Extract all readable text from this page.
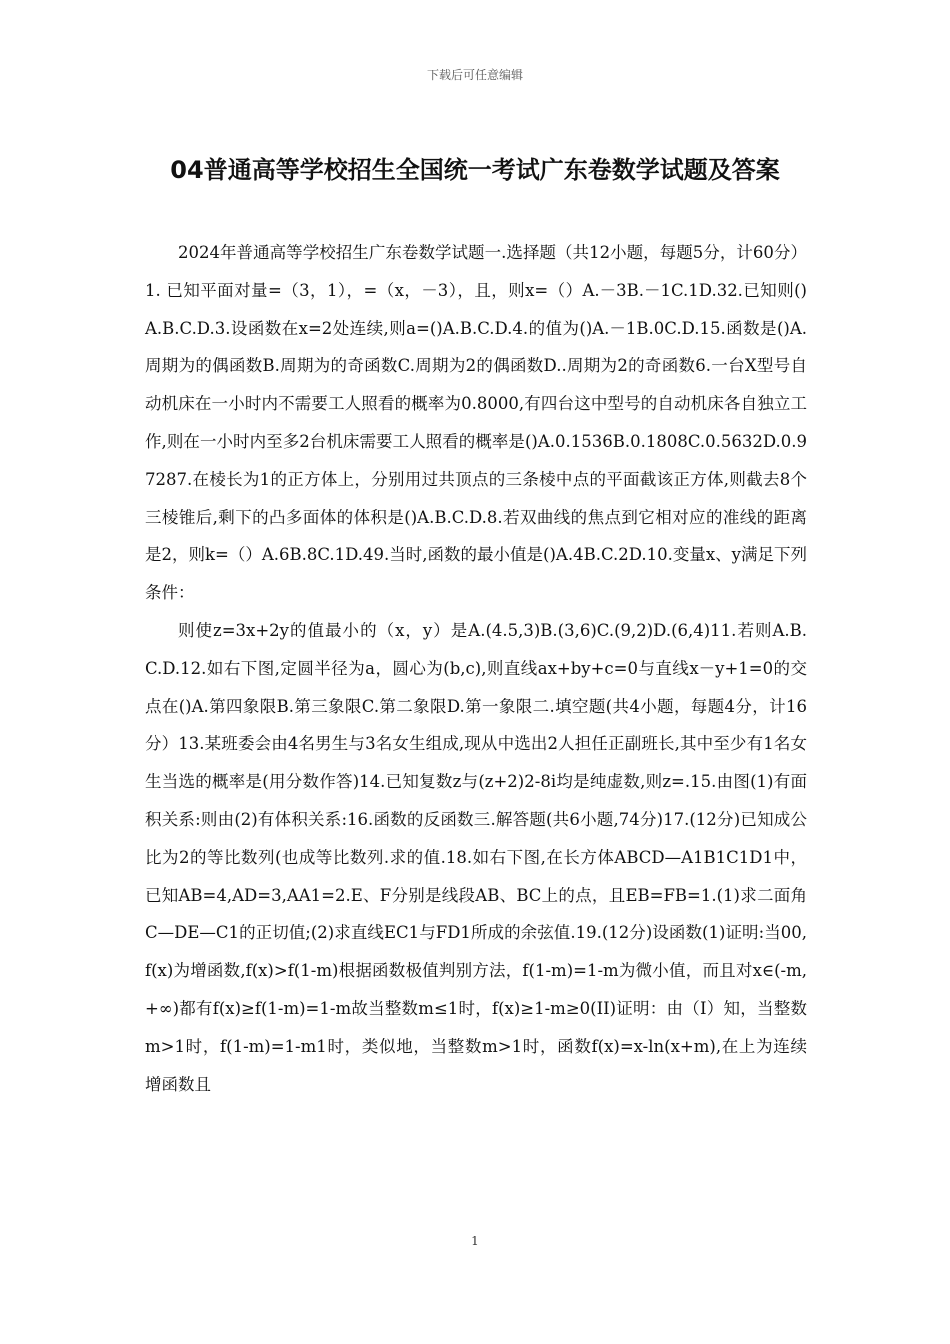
下载后可任意编辑
04普通高等学校招生全国统一考试广东卷数学试题及答案

2024年普通高等学校招生广东卷数学试题一.选择题（共12小题，每题5分，计60分）1. 已知平面对量=（3，1），=（x，－3），且，则x=（）A.－3B.－1C.1D.32.已知则()A.B.C.D.3.设函数在x=2处连续,则a=()A.B.C.D.4.的值为()A.－1B.0C.D.15.函数是()A.周期为的偶函数B.周期为的奇函数C.周期为2的偶函数D..周期为2的奇函数6.一台X型号自动机床在一小时内不需要工人照看的概率为0.8000,有四台这中型号的自动机床各自独立工作,则在一小时内至多2台机床需要工人照看的概率是()A.0.1536B.0.1808C.0.5632D.0.97287.在棱长为1的正方体上，分别用过共顶点的三条棱中点的平面截该正方体,则截去8个三棱锥后,剩下的凸多面体的体积是()A.B.C.D.8.若双曲线的焦点到它相对应的准线的距离是2，则k=（）A.6B.8C.1D.49.当时,函数的最小值是()A.4B.C.2D.10.变量x、y满足下列条件：

则使z=3x+2y的值最小的（x，y）是A.(4.5,3)B.(3,6)C.(9,2)D.(6,4)11.若则A.B.C.D.12.如右下图,定圆半径为a，圆心为(b,c),则直线ax+by+c=0与直线x－y+1=0的交点在()A.第四象限B.第三象限C.第二象限D.第一象限二.填空题(共4小题，每题4分，计16分）13.某班委会由4名男生与3名女生组成,现从中选出2人担任正副班长,其中至少有1名女生当选的概率是(用分数作答)14.已知复数z与(z+2)2-8i均是纯虚数,则z=.15.由图(1)有面积关系:则由(2)有体积关系:16.函数的反函数三.解答题(共6小题,74分)17.(12分)已知成公比为2的等比数列(也成等比数列.求的值.18.如右下图,在长方体ABCD—A1B1C1D1中，已知AB=4,AD=3,AA1=2.E、F分别是线段AB、BC上的点，且EB=FB=1.(1)求二面角C—DE—C1的正切值;(2)求直线EC1与FD1所成的余弦值.19.(12分)设函数(1)证明:当00,f(x)为增函数,f(x)>f(1-m)根据函数极值判别方法，f(1-m)=1-m为微小值，而且对x∈(-m,+∞)都有f(x)≥f(1-m)=1-m故当整数m≤1时，f(x)≥1-m≥0(II)证明：由（I）知，当整数m>1时，f(1-m)=1-m1时，类似地，当整数m>1时，函数f(x)=x-ln(x+m),在上为连续增函数且

1
